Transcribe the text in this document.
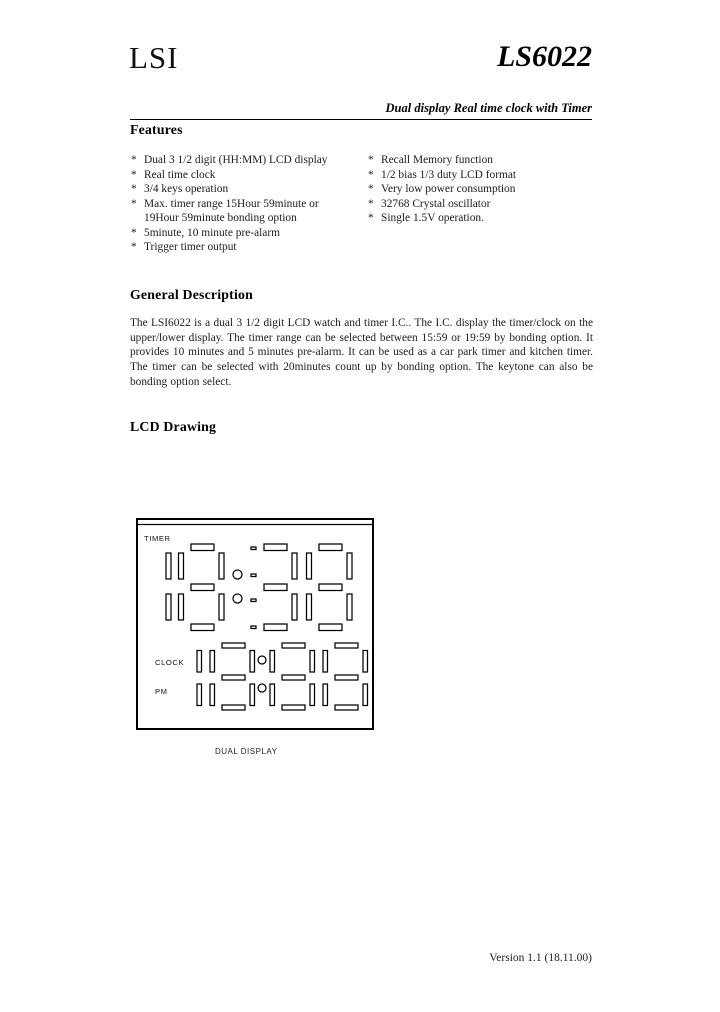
LSI	LS6022
Dual display Real time clock with Timer
Features
* Dual 3 1/2 digit (HH:MM) LCD display
* Real time clock
* 3/4 keys operation
* Max. timer range 15Hour 59minute or
19Hour 59minute bonding option
* 5minute, 10 minute pre-alarm
* Trigger timer output
* Recall Memory function
* 1/2 bias 1/3 duty LCD format
* Very low power consumption
* 32768 Crystal oscillator
* Single 1.5V operation.
General Description
The LSI6022 is a dual 3 1/2 digit LCD watch and timer I.C.. The I.C. display the timer/clock on the upper/lower display. The timer range can be selected between 15:59 or 19:59 by bonding option. It provides 10 minutes and 5 minutes pre-alarm. It can be used as a car park timer and kitchen timer. The timer can be selected with 20minutes count up by bonding option. The keytone can also be bonding option select.
LCD Drawing
TIMER
CLOCK
PM
DUAL DISPLAY
Version 1.1 (18.11.00)
